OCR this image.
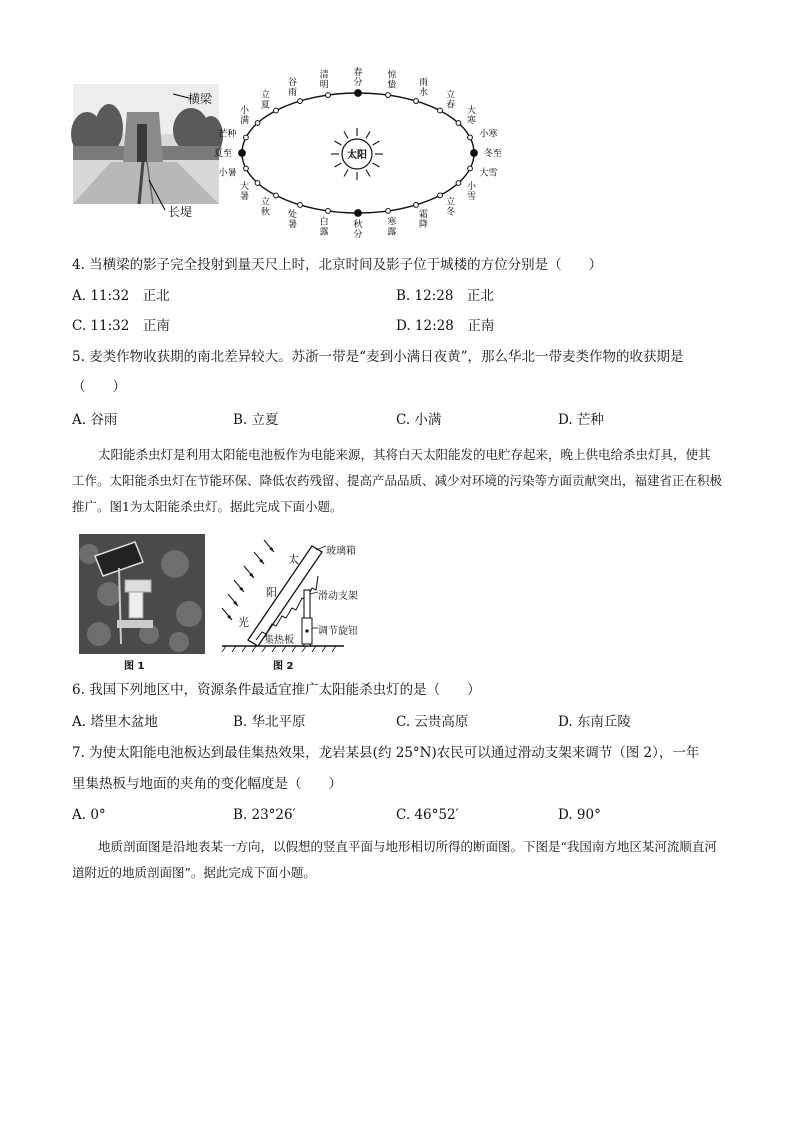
横梁
长堤
太阳
春分
惊蛰	雨水 立春
大寒
小寒
冬至
大雪
小雪
立冬
霜降
寒露
秋分
白露
处暑
立秋
大暑
小暑
夏至
芒种
小满
立夏
谷雨
清明
4. 当横梁的影子完全投射到量天尺上时，北京时间及影子位于城楼的方位分别是（　　）
A. 11:32　正北	B. 12:28　正北
C. 11:32　正南	D. 12:28　正南
5. 麦类作物收获期的南北差异较大。苏浙一带是“麦到小满日夜黄”，那么华北一带麦类作物的收获期是
（　　）
A. 谷雨	B. 立夏	C. 小满	D. 芒种
太阳能杀虫灯是利用太阳能电池板作为电能来源，其将白天太阳能发的电贮存起来，晚上供电给杀虫灯具，使其工作。太阳能杀虫灯在节能环保、降低农药残留、提高产品品质、减少对环境的污染等方面贡献突出，福建省正在积极推广。图1为太阳能杀虫灯。据此完成下面小题。
图 1
太
阳
光
玻璃箱
滑动支架
调节旋钮
集热板
图 2
6. 我国下列地区中，资源条件最适宜推广太阳能杀虫灯的是（　　）
A. 塔里木盆地	B. 华北平原	C. 云贵高原	D. 东南丘陵
7. 为使太阳能电池板达到最佳集热效果，龙岩某县(约 25°N)农民可以通过滑动支架来调节（图 2），一年
里集热板与地面的夹角的变化幅度是（　　）
A. 0°	B. 23°26′	C. 46°52′	D. 90°
地质剖面图是沿地表某一方向，以假想的竖直平面与地形相切所得的断面图。下图是“我国南方地区某河流顺直河道附近的地质剖面图”。据此完成下面小题。
